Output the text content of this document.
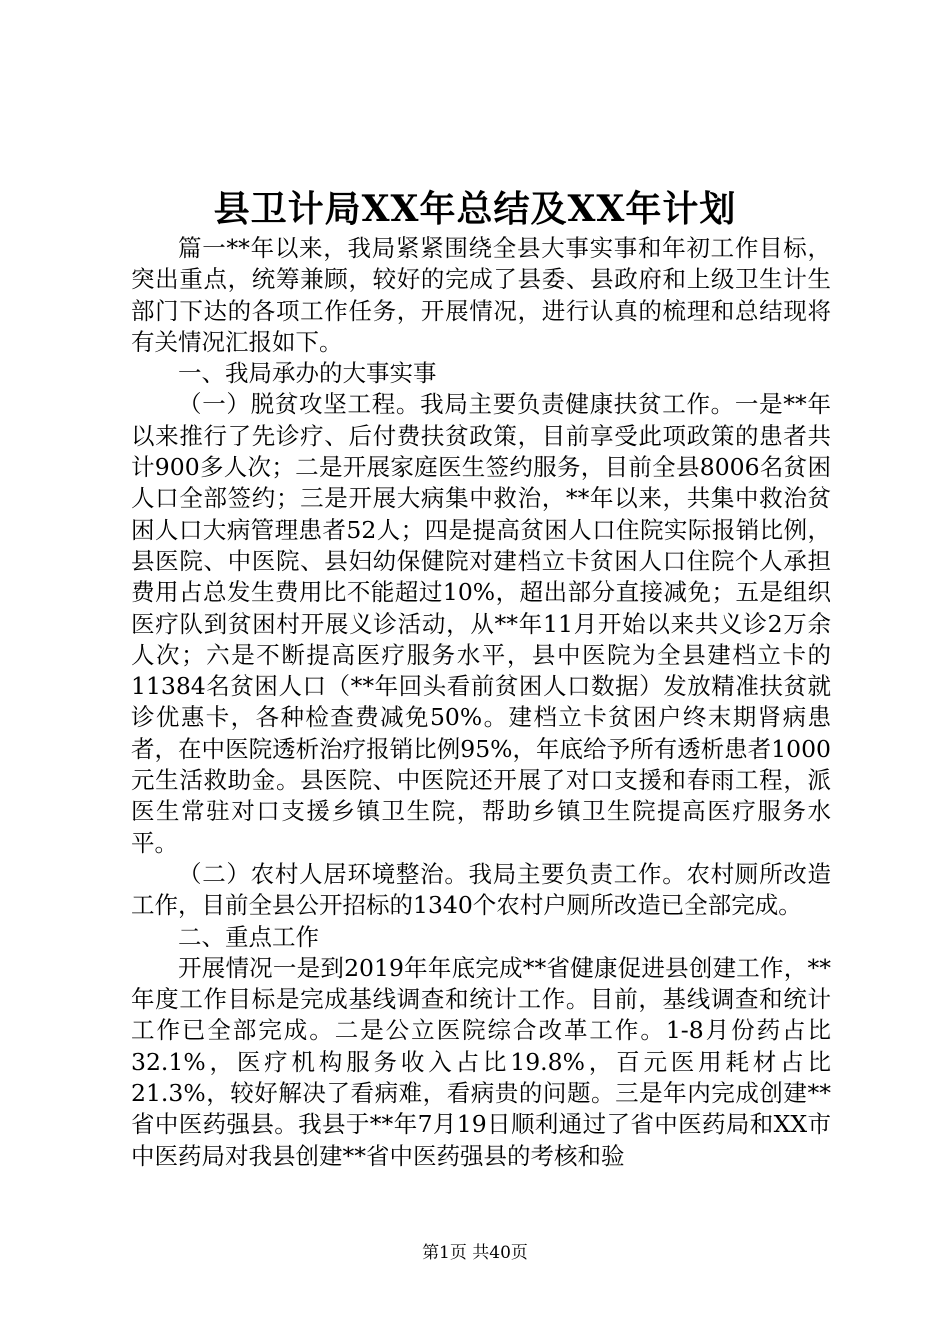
县卫计局XX年总结及XX年计划

篇一**年以来，我局紧紧围绕全县大事实事和年初工作目标，突出重点，统筹兼顾，较好的完成了县委、县政府和上级卫生计生部门下达的各项工作任务，开展情况，进行认真的梳理和总结现将有关情况汇报如下。

一、我局承办的大事实事

（一）脱贫攻坚工程。我局主要负责健康扶贫工作。一是**年以来推行了先诊疗、后付费扶贫政策，目前享受此项政策的患者共计900多人次；二是开展家庭医生签约服务，目前全县8006名贫困人口全部签约；三是开展大病集中救治，**年以来，共集中救治贫困人口大病管理患者52人；四是提高贫困人口住院实际报销比例，县医院、中医院、县妇幼保健院对建档立卡贫困人口住院个人承担费用占总发生费用比不能超过10%，超出部分直接减免；五是组织医疗队到贫困村开展义诊活动，从**年11月开始以来共义诊2万余人次；六是不断提高医疗服务水平，县中医院为全县建档立卡的11384名贫困人口（**年回头看前贫困人口数据）发放精准扶贫就诊优惠卡，各种检查费减免50%。建档立卡贫困户终末期肾病患者，在中医院透析治疗报销比例95%，年底给予所有透析患者1000元生活救助金。县医院、中医院还开展了对口支援和春雨工程，派医生常驻对口支援乡镇卫生院，帮助乡镇卫生院提高医疗服务水平。

（二）农村人居环境整治。我局主要负责工作。农村厕所改造工作，目前全县公开招标的1340个农村户厕所改造已全部完成。

二、重点工作

开展情况一是到2019年年底完成**省健康促进县创建工作，**年度工作目标是完成基线调查和统计工作。目前，基线调查和统计工作已全部完成。二是公立医院综合改革工作。1-8月份药占比32.1%，医疗机构服务收入占比19.8%，百元医用耗材占比21.3%，较好解决了看病难，看病贵的问题。三是年内完成创建**省中医药强县。我县于**年7月19日顺利通过了省中医药局和XX市中医药局对我县创建**省中医药强县的考核和验

第1页 共40页
